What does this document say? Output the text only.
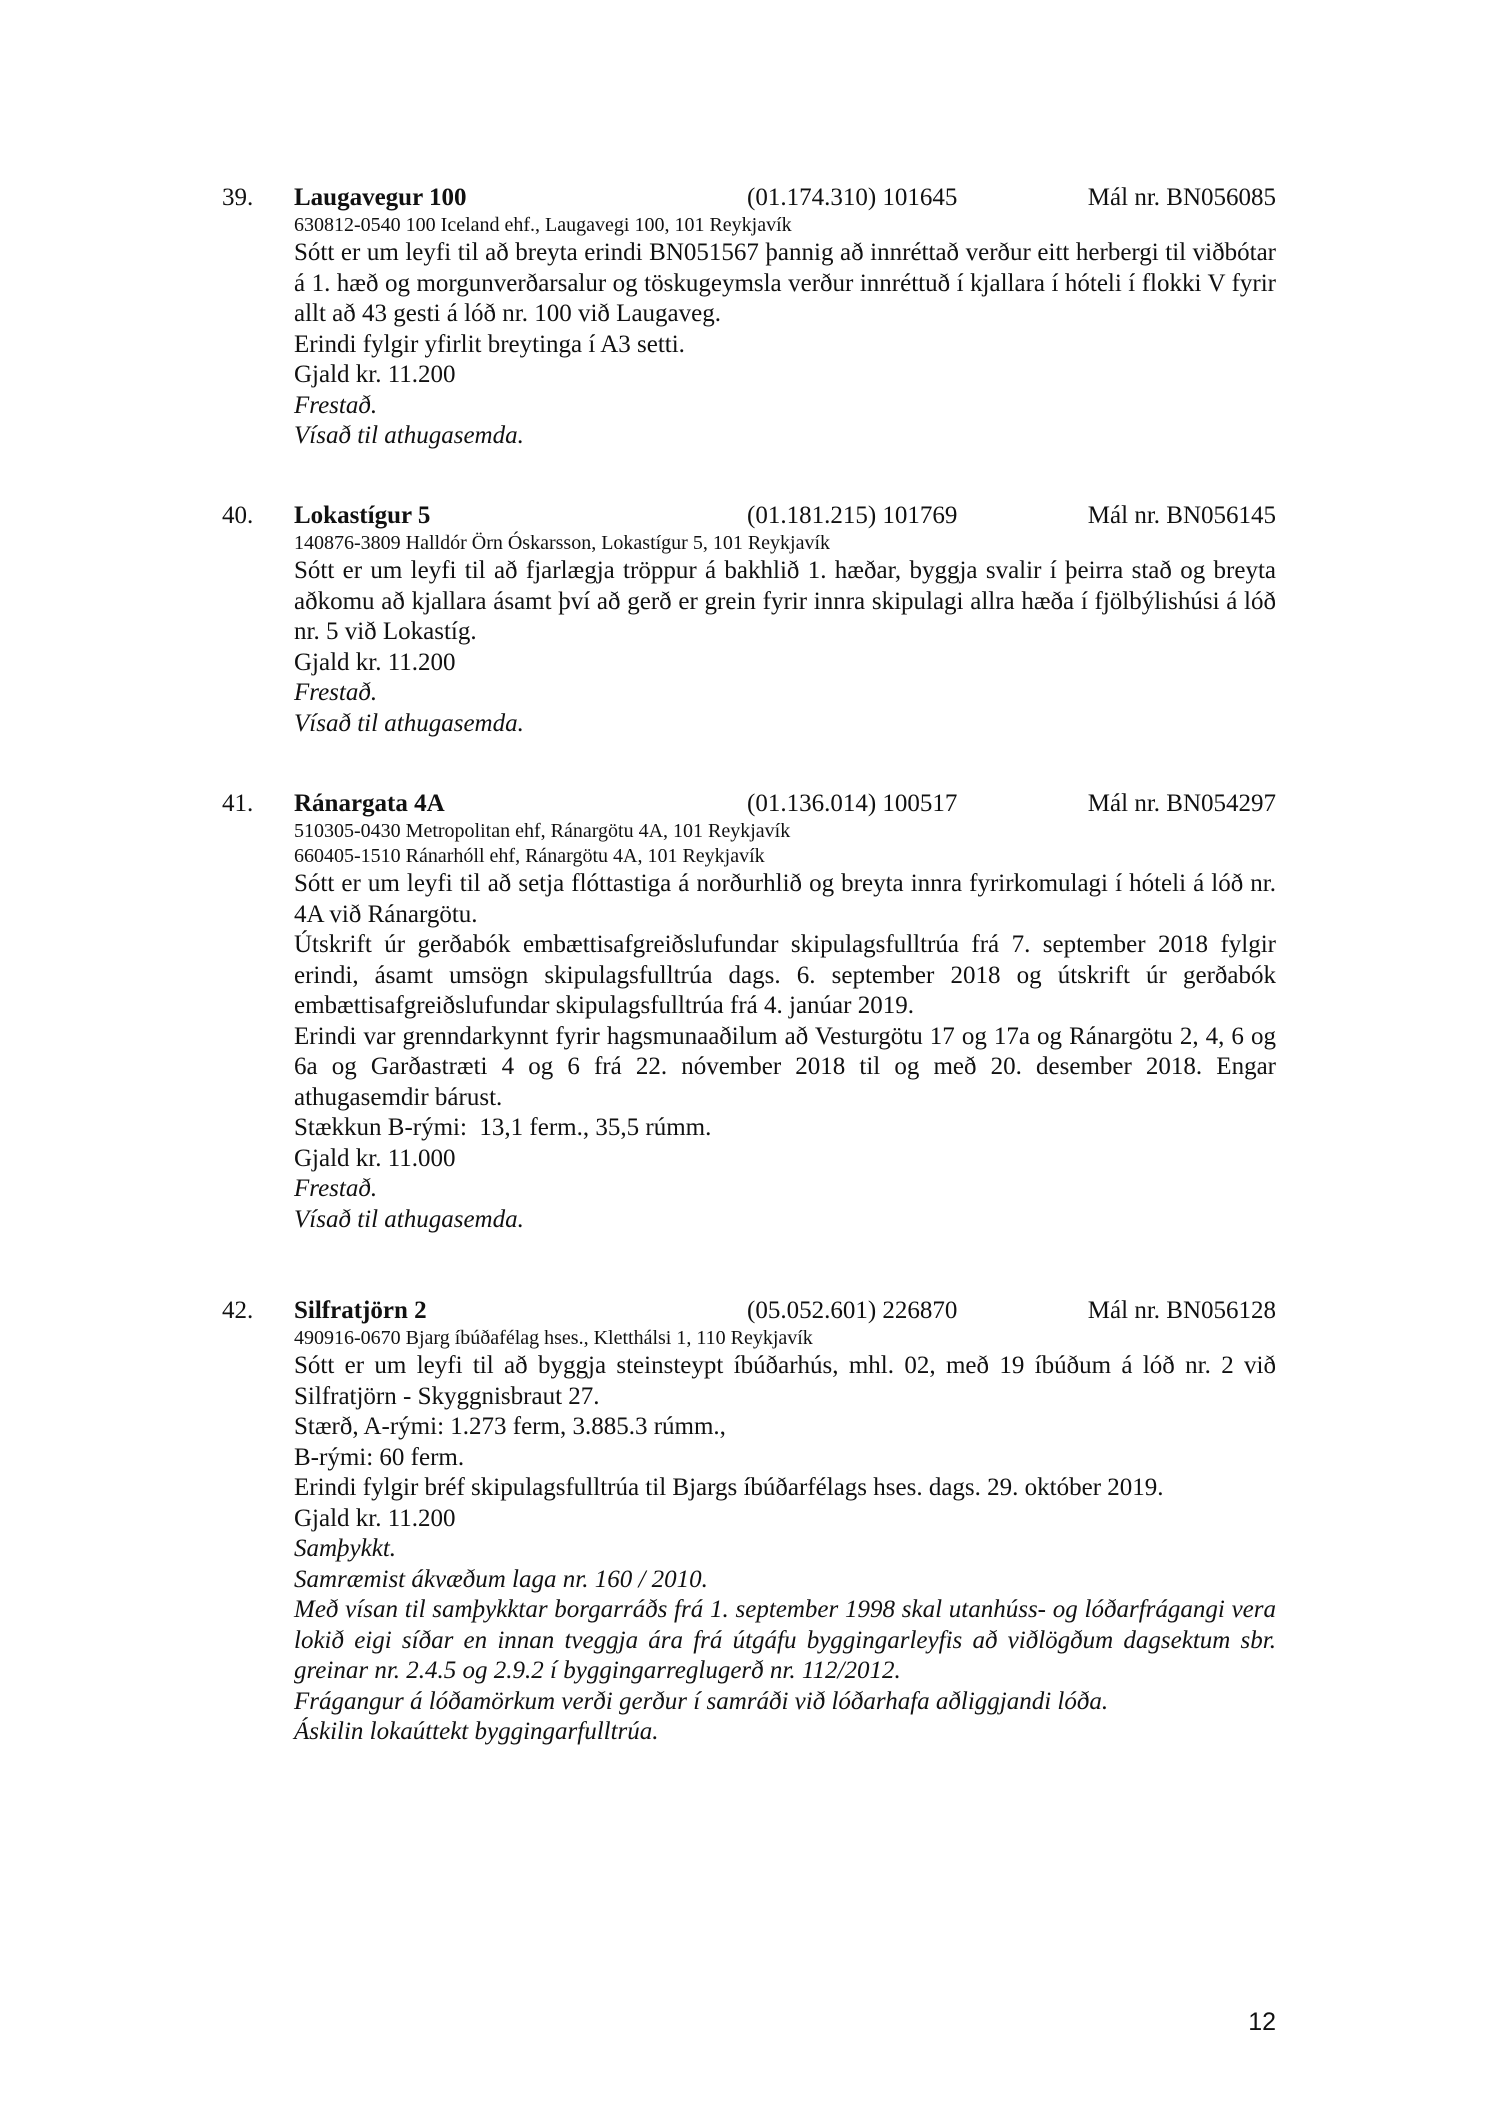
39. Laugavegur 100	(01.174.310) 101645	Mál nr. BN056085
630812-0540 100 Iceland ehf., Laugavegi 100, 101 Reykjavík
Sótt er um leyfi til að breyta erindi BN051567 þannig að innréttað verður eitt herbergi til viðbótar á 1. hæð og morgunverðarsalur og töskugeymsla verður innréttuð í kjallara í hóteli í flokki V fyrir allt að 43 gesti á lóð nr. 100 við Laugaveg.
Erindi fylgir yfirlit breytinga í A3 setti.
Gjald kr. 11.200
Frestað.
Vísað til athugasemda.
40. Lokastígur 5	(01.181.215) 101769	Mál nr. BN056145
140876-3809 Halldór Örn Óskarsson, Lokastígur 5, 101 Reykjavík
Sótt er um leyfi til að fjarlægja tröppur á bakhlið 1. hæðar, byggja svalir í þeirra stað og breyta aðkomu að kjallara ásamt því að gerð er grein fyrir innra skipulagi allra hæða í fjölbýlishúsi á lóð nr. 5 við Lokastíg.
Gjald kr. 11.200
Frestað.
Vísað til athugasemda.
41. Ránargata 4A	(01.136.014) 100517	Mál nr. BN054297
510305-0430 Metropolitan ehf, Ránargötu 4A, 101 Reykjavík
660405-1510 Ránarhóll ehf, Ránargötu 4A, 101 Reykjavík
Sótt er um leyfi til að setja flóttastiga á norðurhlið og breyta innra fyrirkomulagi í hóteli á lóð nr. 4A við Ránargötu.
Útskrift úr gerðabók embættisafgreiðslufundar skipulagsfulltrúa frá 7. september 2018 fylgir erindi, ásamt umsögn skipulagsfulltrúa dags. 6. september 2018 og útskrift úr gerðabók embættisafgreiðslufundar skipulagsfulltrúa frá 4. janúar 2019.
Erindi var grenndarkynnt fyrir hagsmunaaðilum að Vesturgötu 17 og 17a og Ránargötu 2, 4, 6 og 6a og Garðastræti 4 og 6 frá 22. nóvember 2018 til og með 20. desember 2018. Engar athugasemdir bárust.
Stækkun B-rými:  13,1 ferm., 35,5 rúmm.
Gjald kr. 11.000
Frestað.
Vísað til athugasemda.
42. Silfratjörn 2	(05.052.601) 226870	Mál nr. BN056128
490916-0670 Bjarg íbúðafélag hses., Kletthálsi 1, 110 Reykjavík
Sótt er um leyfi til að byggja steinsteypt íbúðarhús, mhl. 02, með 19 íbúðum á lóð nr. 2 við Silfratjörn - Skyggnisbraut 27.
Stærð, A-rými: 1.273 ferm, 3.885.3 rúmm.,
B-rými: 60 ferm.
Erindi fylgir bréf skipulagsfulltrúa til Bjargs íbúðarfélags hses. dags. 29. október 2019.
Gjald kr. 11.200
Samþykkt.
Samræmist ákvæðum laga nr. 160 / 2010.
Með vísan til samþykktar borgarráðs frá 1. september 1998 skal utanhúss- og lóðarfrágangi vera lokið eigi síðar en innan tveggja ára frá útgáfu byggingarleyfis að viðlögðum dagsektum sbr. greinar nr. 2.4.5 og 2.9.2 í byggingarreglugerð nr. 112/2012.
Frágangur á lóðamörkum verði gerður í samráði við lóðarhafa aðliggjandi lóða.
Áskilin lokaúttekt byggingarfulltrúa.
12
